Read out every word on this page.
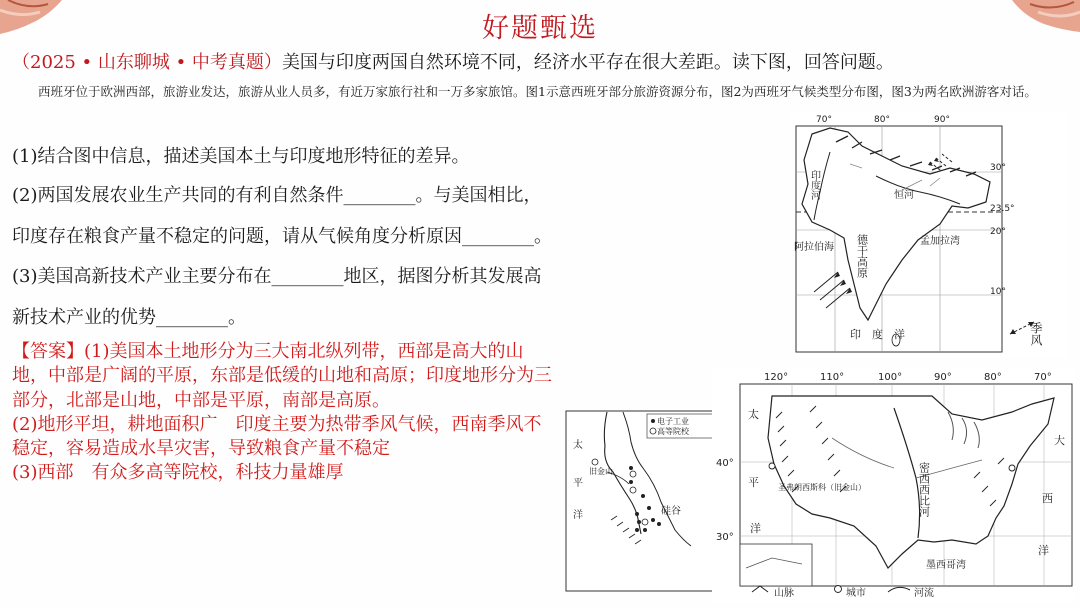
好题甄选
（2025 • 山东聊城 • 中考真题）美国与印度两国自然环境不同，经济水平存在很大差距。读下图，回答问题。
西班牙位于欧洲西部，旅游业发达，旅游从业人员多，有近万家旅行社和一万多家旅馆。图1示意西班牙部分旅游资源分布，图2为西班牙气候类型分布图，图3为两名欧洲游客对话。
(1)结合图中信息，描述美国本土与印度地形特征的差异。
(2)两国发展农业生产共同的有利自然条件________。与美国相比，
印度存在粮食产量不稳定的问题，请从气候角度分析原因________。
(3)美国高新技术产业主要分布在________地区，据图分析其发展高
新技术产业的优势________。

【答案】(1)美国本土地形分为三大南北纵列带，西部是高大的山地，中部是广阔的平原，东部是低缓的山地和高原；印度地形分为三部分，北部是山地，中部是平原，南部是高原。

(2)地形平坦，耕地面积广　印度主要为热带季风气候，西南季风不稳定，容易造成水旱灾害，导致粮食产量不稳定

(3)西部　有众多高等院校，科技力量雄厚

70°	80°	90°
30°
23.5°
20°
10°
印度河	恒河
阿拉伯海
孟加拉湾
德干高原
印　度　洋	季风
电子工业
高等院校
太
平
洋
旧金山
硅谷
120°	110°	100°	90°	80°	70°
40°
30°
太
平
洋
大
西
洋
密西西比河
圣弗朗西斯科（旧金山）
墨西哥湾
山脉	城市	河流
